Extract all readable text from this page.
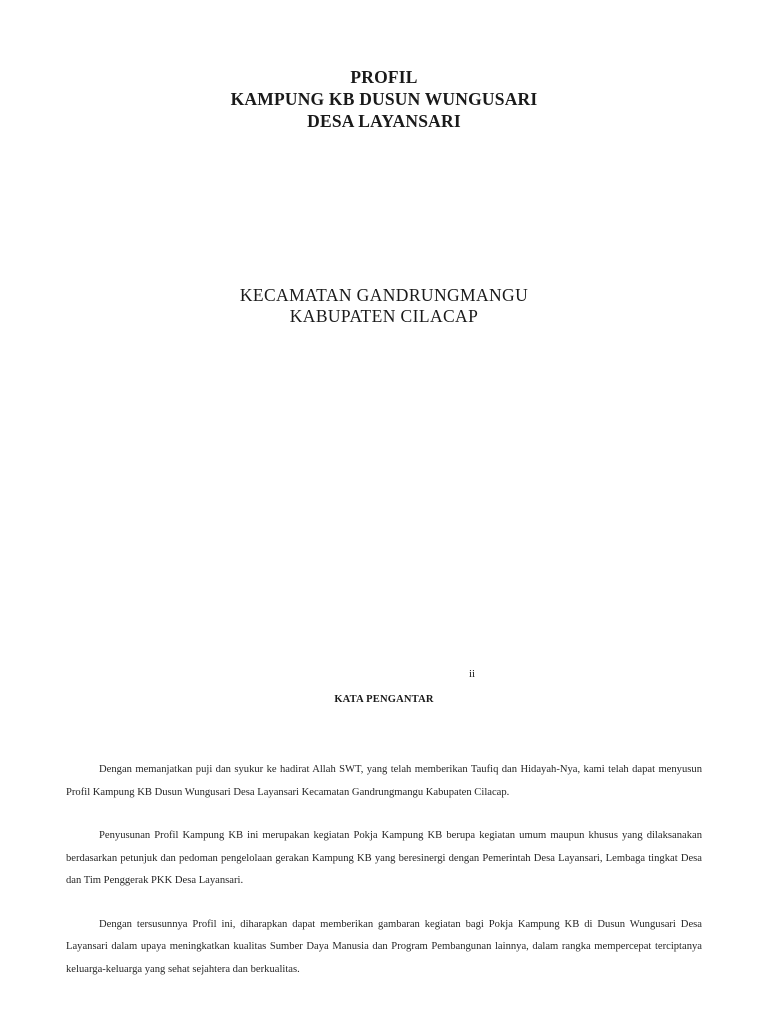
PROFIL
KAMPUNG KB DUSUN WUNGUSARI
DESA LAYANSARI
KECAMATAN GANDRUNGMANGU
KABUPATEN CILACAP
ii
KATA PENGANTAR

Dengan memanjatkan puji dan syukur ke hadirat Allah SWT, yang telah memberikan Taufiq dan Hidayah-Nya, kami telah dapat menyusun Profil Kampung KB Dusun Wungusari Desa Layansari Kecamatan Gandrungmangu Kabupaten Cilacap.

Penyusunan Profil Kampung KB ini merupakan kegiatan Pokja Kampung KB berupa kegiatan umum maupun khusus yang dilaksanakan berdasarkan petunjuk dan pedoman pengelolaan gerakan Kampung KB yang beresinergi dengan Pemerintah Desa Layansari, Lembaga tingkat Desa dan Tim Penggerak PKK Desa Layansari.

Dengan tersusunnya Profil ini, diharapkan dapat memberikan gambaran kegiatan bagi Pokja Kampung KB di Dusun Wungusari Desa Layansari dalam upaya meningkatkan kualitas Sumber Daya Manusia dan Program Pembangunan lainnya, dalam rangka mempercepat terciptanya keluarga-keluarga yang sehat sejahtera dan berkualitas.
